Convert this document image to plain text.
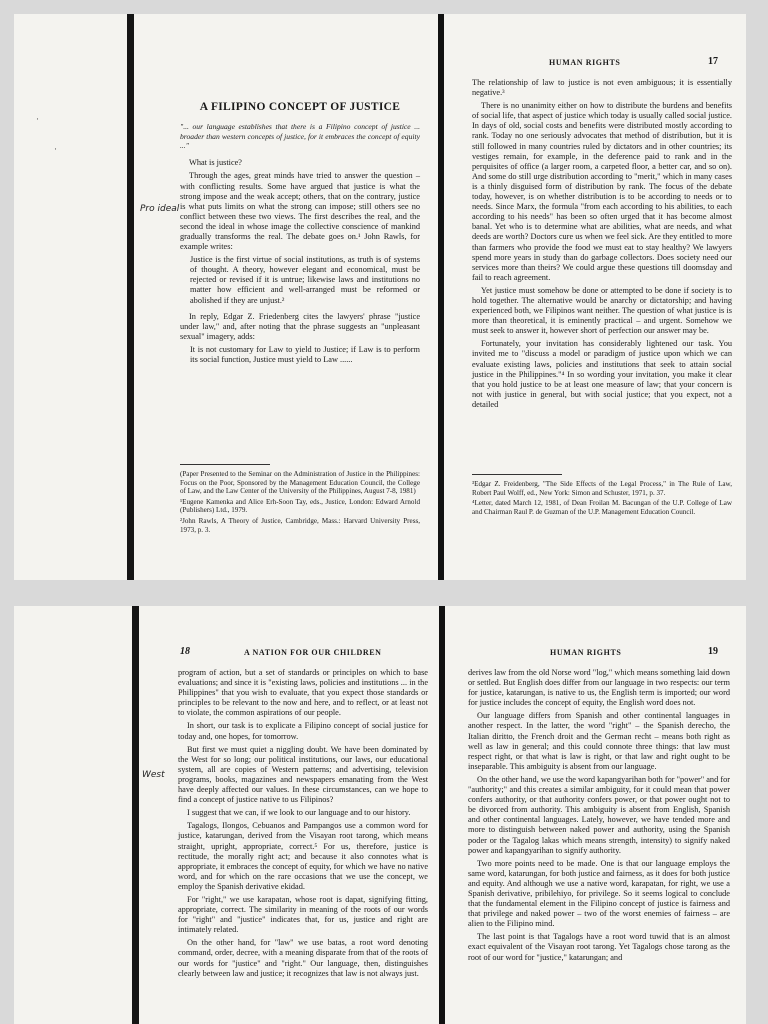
·
·
Pro ideal

A FILIPINO CONCEPT OF JUSTICE

"... our language establishes that there is a Filipino concept of justice ... broader than western concepts of justice, for it embraces the concept of equity ..."

What is justice?

Through the ages, great minds have tried to answer the question – with conflicting results. Some have argued that justice is what the strong impose and the weak accept; others, that on the contrary, justice is what puts limits on what the strong can impose; still others see no conflict between these two views. The first describes the real, and the second the ideal in whose image the collective conscience of mankind gradually transforms the real. The debate goes on.¹ John Rawls, for example writes:

Justice is the first virtue of social institutions, as truth is of systems of thought. A theory, however elegant and economical, must be rejected or revised if it is untrue; likewise laws and institutions no matter how efficient and well-arranged must be reformed or abolished if they are unjust.²

In reply, Edgar Z. Friedenberg cites the lawyers' phrase "justice under law," and, after noting that the phrase suggests an "unpleasant sexual" imagery, adds:

It is not customary for Law to yield to Justice; if Law is to perform its social function, Justice must yield to Law ......

(Paper Presented to the Seminar on the Administration of Justice in the Philippines: Focus on the Poor, Sponsored by the Management Education Council, the College of Law, and the Law Center of the University of the Philippines, August 7-8, 1981)

¹Eugene Kamenka and Alice Erh-Soon Tay, eds., Justice, London: Edward Arnold (Publishers) Ltd., 1979.

²John Rawls, A Theory of Justice, Cambridge, Mass.: Harvard University Press, 1973, p. 3.

HUMAN RIGHTS	17

The relationship of law to justice is not even ambiguous; it is essentially negative.³

There is no unanimity either on how to distribute the burdens and benefits of social life, that aspect of justice which today is usually called social justice. In days of old, social costs and benefits were distributed mostly according to rank. Today no one seriously advocates that method of distribution, but it is still followed in many countries ruled by dictators and in other countries; its vestiges remain, for example, in the deference paid to rank and in the perquisites of office (a larger room, a carpeted floor, a better car, and so on). And some do still urge distribution according to "merit," which in many cases is a thinly disguised form of distribution by rank. The focus of the debate today, however, is on whether distribution is to be according to needs or to needs. Since Marx, the formula "from each according to his abilities, to each according to his needs" has been so often urged that it has become almost banal. Yet who is to determine what are abilities, what are needs, and what deeds are worth? Doctors cure us when we feel sick. Are they entitled to more than farmers who provide the food we must eat to stay healthy? We lawyers spend more years in study than do garbage collectors. Does society need our services more than theirs? We could argue these questions till doomsday and fail to reach agreement.

Yet justice must somehow be done or attempted to be done if society is to hold together. The alternative would be anarchy or dictatorship; and having experienced both, we Filipinos want neither. The question of what justice is is more than theoretical, it is eminently practical – and urgent. Somehow we must seek to answer it, however short of perfection our answer may be.

Fortunately, your invitation has considerably lightened our task. You invited me to "discuss a model or paradigm of justice upon which we can evaluate existing laws, policies and institutions that seek to attain social justice in the Philippines."⁴ In so wording your invitation, you make it clear that you hold justice to be at least one measure of law; that your concern is not with justice in general, but with social justice; that you expect, not a detailed

³Edgar Z. Freidenberg, "The Side Effects of the Legal Process," in The Rule of Law, Robert Paul Wolff, ed., New York: Simon and Schuster, 1971, p. 37.

⁴Letter, dated March 12, 1981, of Dean Froilan M. Bacungan of the U.P. College of Law and Chairman Raul P. de Guzman of the U.P. Management Education Council.

West
18	A NATION FOR OUR CHILDREN

program of action, but a set of standards or principles on which to base evaluations; and since it is "existing laws, policies and institutions ... in the Philippines" that you wish to evaluate, that you expect those standards or principles to be relevant to the now and here, and to reflect, or at least not to violate, the common aspirations of our people.

In short, our task is to explicate a Filipino concept of social justice for today and, one hopes, for tomorrow.

But first we must quiet a niggling doubt. We have been dominated by the West for so long; our political institutions, our laws, our educational system, all are copies of Western patterns; and advertising, television programs, books, magazines and newspapers emanating from the West have deeply affected our values. In these circumstances, can we hope to find a concept of justice native to us Filipinos?

I suggest that we can, if we look to our language and to our history.

Tagalogs, Ilongos, Cebuanos and Pampangos use a common word for justice, katarungan, derived from the Visayan root tarong, which means straight, upright, appropriate, correct.⁵ For us, therefore, justice is rectitude, the morally right act; and because it also connotes what is appropriate, it embraces the concept of equity, for which we have no native word, and for which on the rare occasions that we use the concept, we employ the Spanish derivative ekidad.

For "right," we use karapatan, whose root is dapat, signifying fitting, appropriate, correct. The similarity in meaning of the roots of our words for "right" and "justice" indicates that, for us, justice and right are intimately related.

On the other hand, for "law" we use batas, a root word denoting command, order, decree, with a meaning disparate from that of the roots of our words for "justice" and "right." Our language, then, distinguishes clearly between law and justice; it recognizes that law is not always just.

HUMAN RIGHTS	19

derives law from the old Norse word "log," which means something laid down or settled. But English does differ from our language in two respects: our term for justice, katarungan, is native to us, the English term is imported; our word for justice includes the concept of equity, the English word does not.

Our language differs from Spanish and other continental languages in another respect. In the latter, the word "right" – the Spanish derecho, the Italian diritto, the French droit and the German recht – means both right as well as law in general; and this could connote three things: that law must respect right, or that what is law is right, or that law and right ought to be inseparable. This ambiguity is absent from our language.

On the other hand, we use the word kapangyarihan both for "power" and for "authority;" and this creates a similar ambiguity, for it could mean that power confers authority, or that authority confers power, or that power ought not to be divorced from authority. This ambiguity is absent from English, Spanish and other continental languages. Lately, however, we have tended more and more to distinguish between naked power and authority, using the Spanish poder or the Tagalog lakas which means strength, intensity) to signify naked power and kapangyarihan to signify authority.

Two more points need to be made. One is that our language employs the same word, katarungan, for both justice and fairness, as it does for both justice and equity. And although we use a native word, karapatan, for right, we use a Spanish derivative, pribilehiyo, for privilege. So it seems logical to conclude that the fundamental element in the Filipino concept of justice is fairness and that privilege and naked power – two of the worst enemies of fairness – are alien to the Filipino mind.

The last point is that Tagalogs have a root word tuwid that is an almost exact equivalent of the Visayan root tarong. Yet Tagalogs chose tarong as the root of our word for "justice," katarungan; and
